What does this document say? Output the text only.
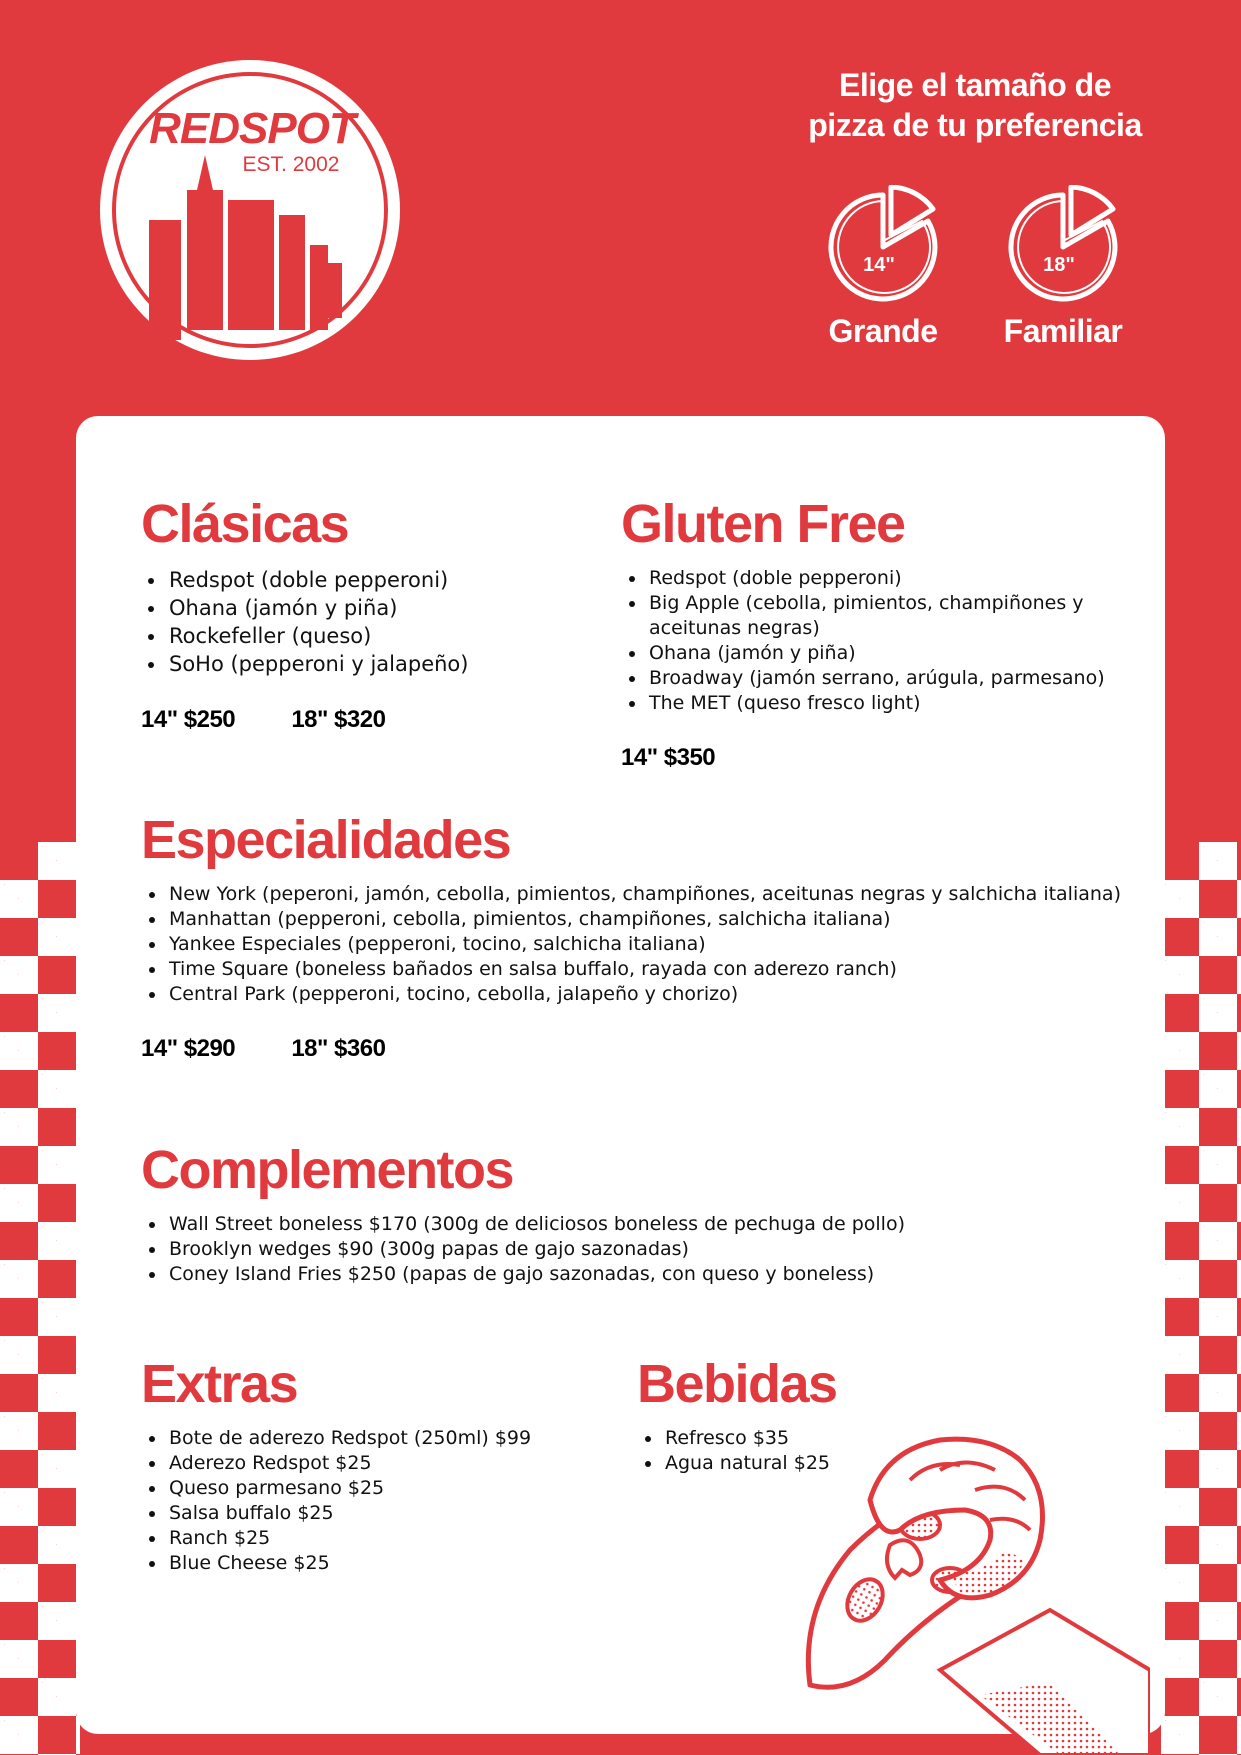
REDSPOT
EST. 2002
Elige el tamaño de
pizza de tu preferencia
14"
Grande
18"
Familiar
Clásicas
• Redspot (doble pepperoni)
• Ohana (jamón y piña)
• Rockefeller (queso)
• SoHo (pepperoni y jalapeño)
14" $250 18" $320
Gluten Free
• Redspot (doble pepperoni)
• Big Apple (cebolla, pimientos, champiñones y aceitunas negras)
• Ohana (jamón y piña)
• Broadway (jamón serrano, arúgula, parmesano)
• The MET (queso fresco light)
14" $350
Especialidades
• New York (peperoni, jamón, cebolla, pimientos, champiñones, aceitunas negras y salchicha italiana)
• Manhattan (pepperoni, cebolla, pimientos, champiñones, salchicha italiana)
• Yankee Especiales (pepperoni, tocino, salchicha italiana)
• Time Square (boneless bañados en salsa buffalo, rayada con aderezo ranch)
• Central Park (pepperoni, tocino, cebolla, jalapeño y chorizo)
14" $290 18" $360
Complementos
• Wall Street boneless $170 (300g de deliciosos boneless de pechuga de pollo)
• Brooklyn wedges $90 (300g papas de gajo sazonadas)
• Coney Island Fries $250 (papas de gajo sazonadas, con queso y boneless)
Extras
• Bote de aderezo Redspot (250ml) $99
• Aderezo Redspot $25
• Queso parmesano $25
• Salsa buffalo $25
• Ranch $25
• Blue Cheese $25
Bebidas
• Refresco $35
• Agua natural $25
